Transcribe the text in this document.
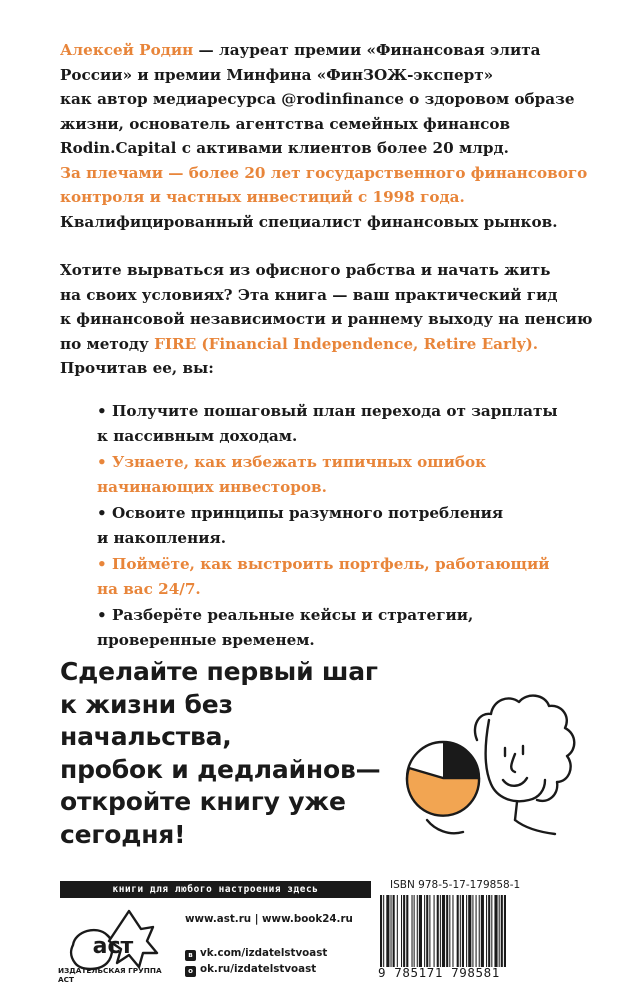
Алексей Родин — лауреат премии «Финансовая элита
России» и премии Минфина «ФинЗОЖ-эксперт»
как автор медиаресурса @rodinfinance о здоровом образе
жизни, основатель агентства семейных финансов
Rodin.Capital с активами клиентов более 20 млрд.
За плечами — более 20 лет государственного финансового
контроля и частных инвестиций с 1998 года.
Квалифицированный специалист финансовых рынков.

Хотите вырваться из офисного рабства и начать жить
на своих условиях? Эта книга — ваш практический гид
к финансовой независимости и раннему выходу на пенсию
по методу FIRE (Financial Independence, Retire Early).
Прочитав ее, вы:

• Получите пошаговый план перехода от зарплаты
к пассивным доходам.
• Узнаете, как избежать типичных ошибок
начинающих инвесторов.
• Освоите принципы разумного потребления
и накопления.
• Поймёте, как выстроить портфель, работающий
на вас 24/7.
• Разберёте реальные кейсы и стратегии,
проверенные временем.

Сделайте первый шаг
к жизни без начальства,
пробок и дедлайнов—
откройте книгу уже
сегодня!

книги для любого настроения здесь
аст
ИЗДАТЕЛЬСКАЯ ГРУППА АСТ
www.ast.ru | www.book24.ru
в vk.com/izdatelstvoast
о ok.ru/izdatelstvoast
ISBN 978-5-17-179858-1
9 785171 798581
